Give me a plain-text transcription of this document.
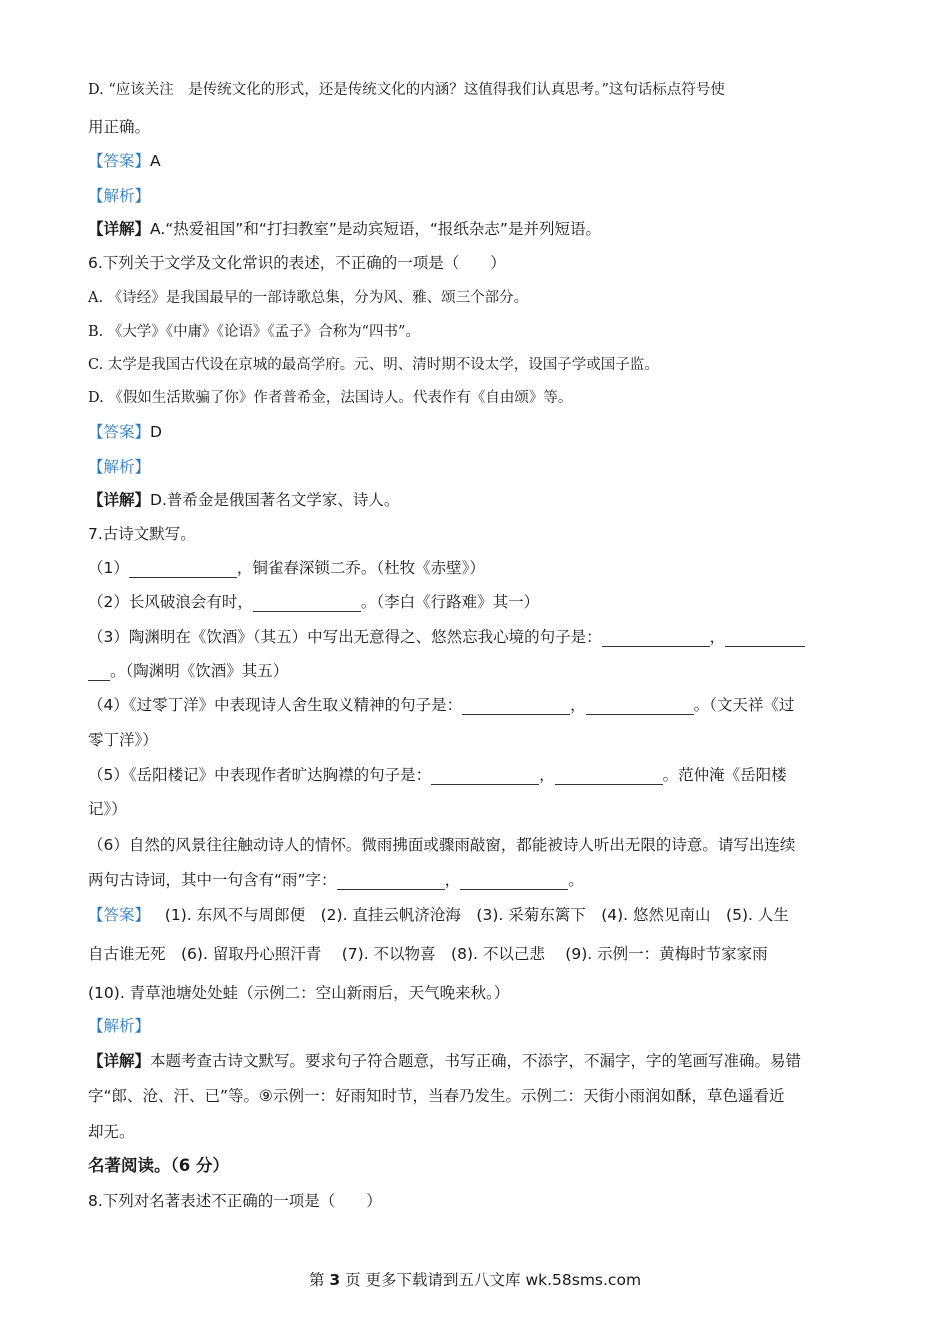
D. “应该关注　是传统文化的形式，还是传统文化的内涵？这值得我们认真思考。”这句话标点符号使
用正确。
【答案】A
【解析】
【详解】A.“热爱祖国”和“打扫教室”是动宾短语，“报纸杂志”是并列短语。
6.下列关于文学及文化常识的表述，不正确的一项是（　　）
A. 《诗经》是我国最早的一部诗歌总集，分为风、雅、颂三个部分。
B. 《大学》《中庸》《论语》《孟子》合称为“四书”。
C. 太学是我国古代设在京城的最高学府。元、明、清时期不设太学，设国子学或国子监。
D. 《假如生活欺骗了你》作者普希金，法国诗人。代表作有《自由颂》等。
【答案】D
【解析】
【详解】D.普希金是俄国著名文学家、诗人。
7.古诗文默写。
（1）	，铜雀春深锁二乔。（杜牧《赤壁》）
（2）长风破浪会有时，	。（李白《行路难》其一）
（3）陶渊明在《饮酒》（其五）中写出无意得之、悠然忘我心境的句子是：	，
。（陶渊明《饮酒》其五）
（4）《过零丁洋》中表现诗人舍生取义精神的句子是：	，	。（文天祥《过
零丁洋》）
（5）《岳阳楼记》中表现作者旷达胸襟的句子是：	，	。范仲淹《岳阳楼
记》）
（6）自然的风景往往触动诗人的情怀。微雨拂面或骤雨敲窗，都能被诗人听出无限的诗意。请写出连续
两句古诗词，其中一句含有“雨”字：	，	。
【答案】 (1). 东风不与周郎便　(2). 直挂云帆济沧海　(3). 采菊东篱下　(4). 悠然见南山　(5). 人生
自古谁无死　(6). 留取丹心照汗青　 (7). 不以物喜　(8). 不以己悲　 (9). 示例一：黄梅时节家家雨
(10). 青草池塘处处蛙（示例二：空山新雨后，天气晚来秋。）
【解析】
【详解】本题考查古诗文默写。要求句子符合题意，书写正确，不添字，不漏字，字的笔画写准确。易错
字“郎、沧、汗、已”等。⑨示例一：好雨知时节，当春乃发生。示例二：天街小雨润如酥，草色遥看近
却无。
名著阅读。（6 分）
8.下列对名著表述不正确的一项是（　　）
第 3 页 更多下载请到五八文库 wk.58sms.com
